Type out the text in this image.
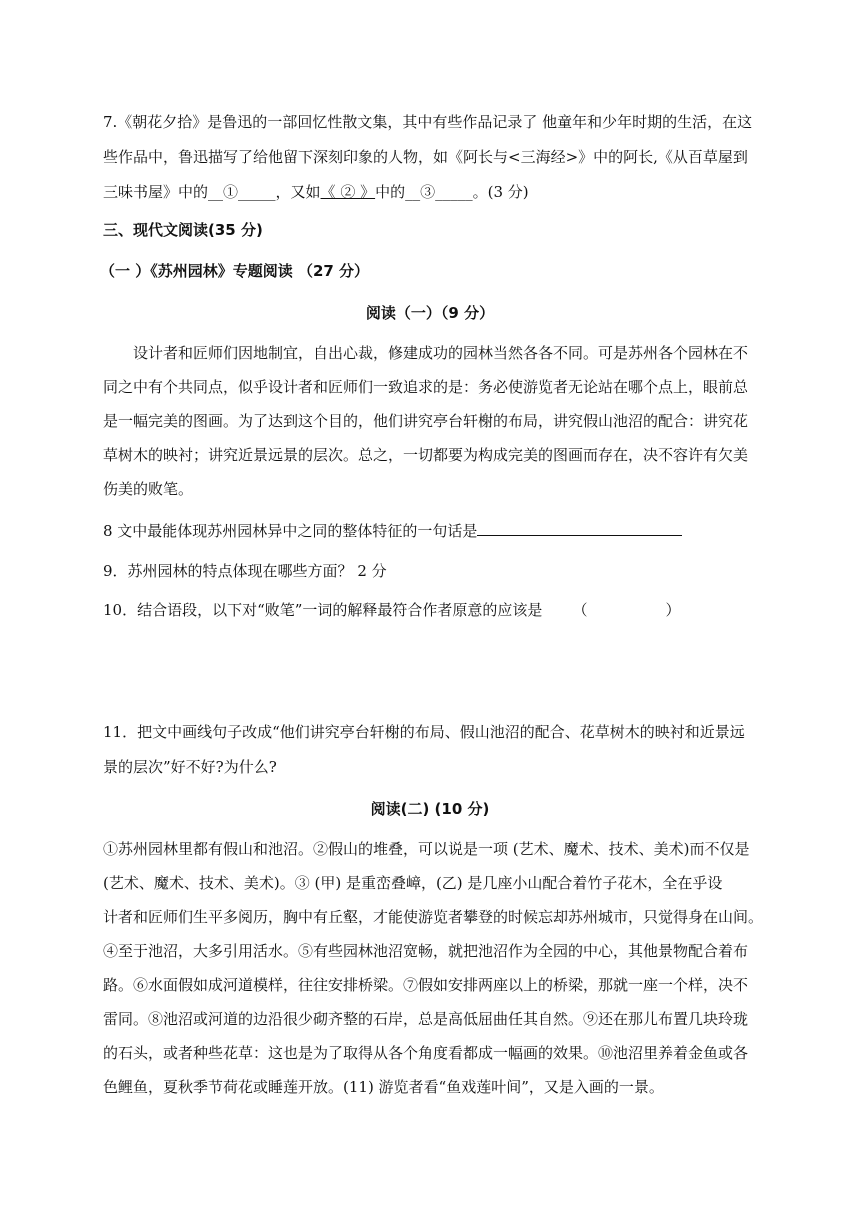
7.《朝花夕拾》是鲁迅的一部回忆性散文集，其中有些作品记录了 他童年和少年时期的生活，在这
些作品中，鲁迅描写了给他留下深刻印象的人物，如《阿长与<三海经>》中的阿长,《从百草屋到
三味书屋》中的__①_____，又如《 ② 》中的__③_____。(3 分)
三、现代文阅读(35 分)
（一 ）《苏州园林》专题阅读 （27 分）
阅读（一）（9 分）
设计者和匠师们因地制宜，自出心裁，修建成功的园林当然各各不同。可是苏州各个园林在不
同之中有个共同点，似乎设计者和匠师们一致追求的是：务必使游览者无论站在哪个点上，眼前总
是一幅完美的图画。为了达到这个目的，他们讲究亭台轩榭的布局，讲究假山池沼的配合：讲究花
草树木的映衬；讲究近景远景的层次。总之，一切都要为构成完美的图画而存在，决不容许有欠美
伤美的败笔。
8 文中最能体现苏州园林异中之同的整体特征的一句话是
9．苏州园林的特点体现在哪些方面？ 2 分
10．结合语段，以下对“败笔”一词的解释最符合作者原意的应该是 （	）
11．把文中画线句子改成“他们讲究亭台轩榭的布局、假山池沼的配合、花草树木的映衬和近景远
景的层次”好不好?为什么?
阅读(二) (10 分)
①苏州园林里都有假山和池沼。②假山的堆叠，可以说是一项 (艺术、魔术、技术、美术)而不仅是
(艺术、魔术、技术、美术)。③ (甲) 是重峦叠嶂，(乙) 是几座小山配合着竹子花木，全在乎设
计者和匠师们生平多阅历，胸中有丘壑，才能使游览者攀登的时候忘却苏州城市，只觉得身在山间。
④至于池沼，大多引用活水。⑤有些园林池沼宽畅，就把池沼作为全园的中心，其他景物配合着布
路。⑥水面假如成河道模样，往往安排桥梁。⑦假如安排两座以上的桥梁，那就一座一个样，决不
雷同。⑧池沼或河道的边沿很少砌齐整的石岸，总是高低屈曲任其自然。⑨还在那儿布置几块玲珑
的石头，或者种些花草：这也是为了取得从各个角度看都成一幅画的效果。⑩池沼里养着金鱼或各
色鲤鱼，夏秋季节荷花或睡莲开放。(11) 游览者看“鱼戏莲叶间”，又是入画的一景。
